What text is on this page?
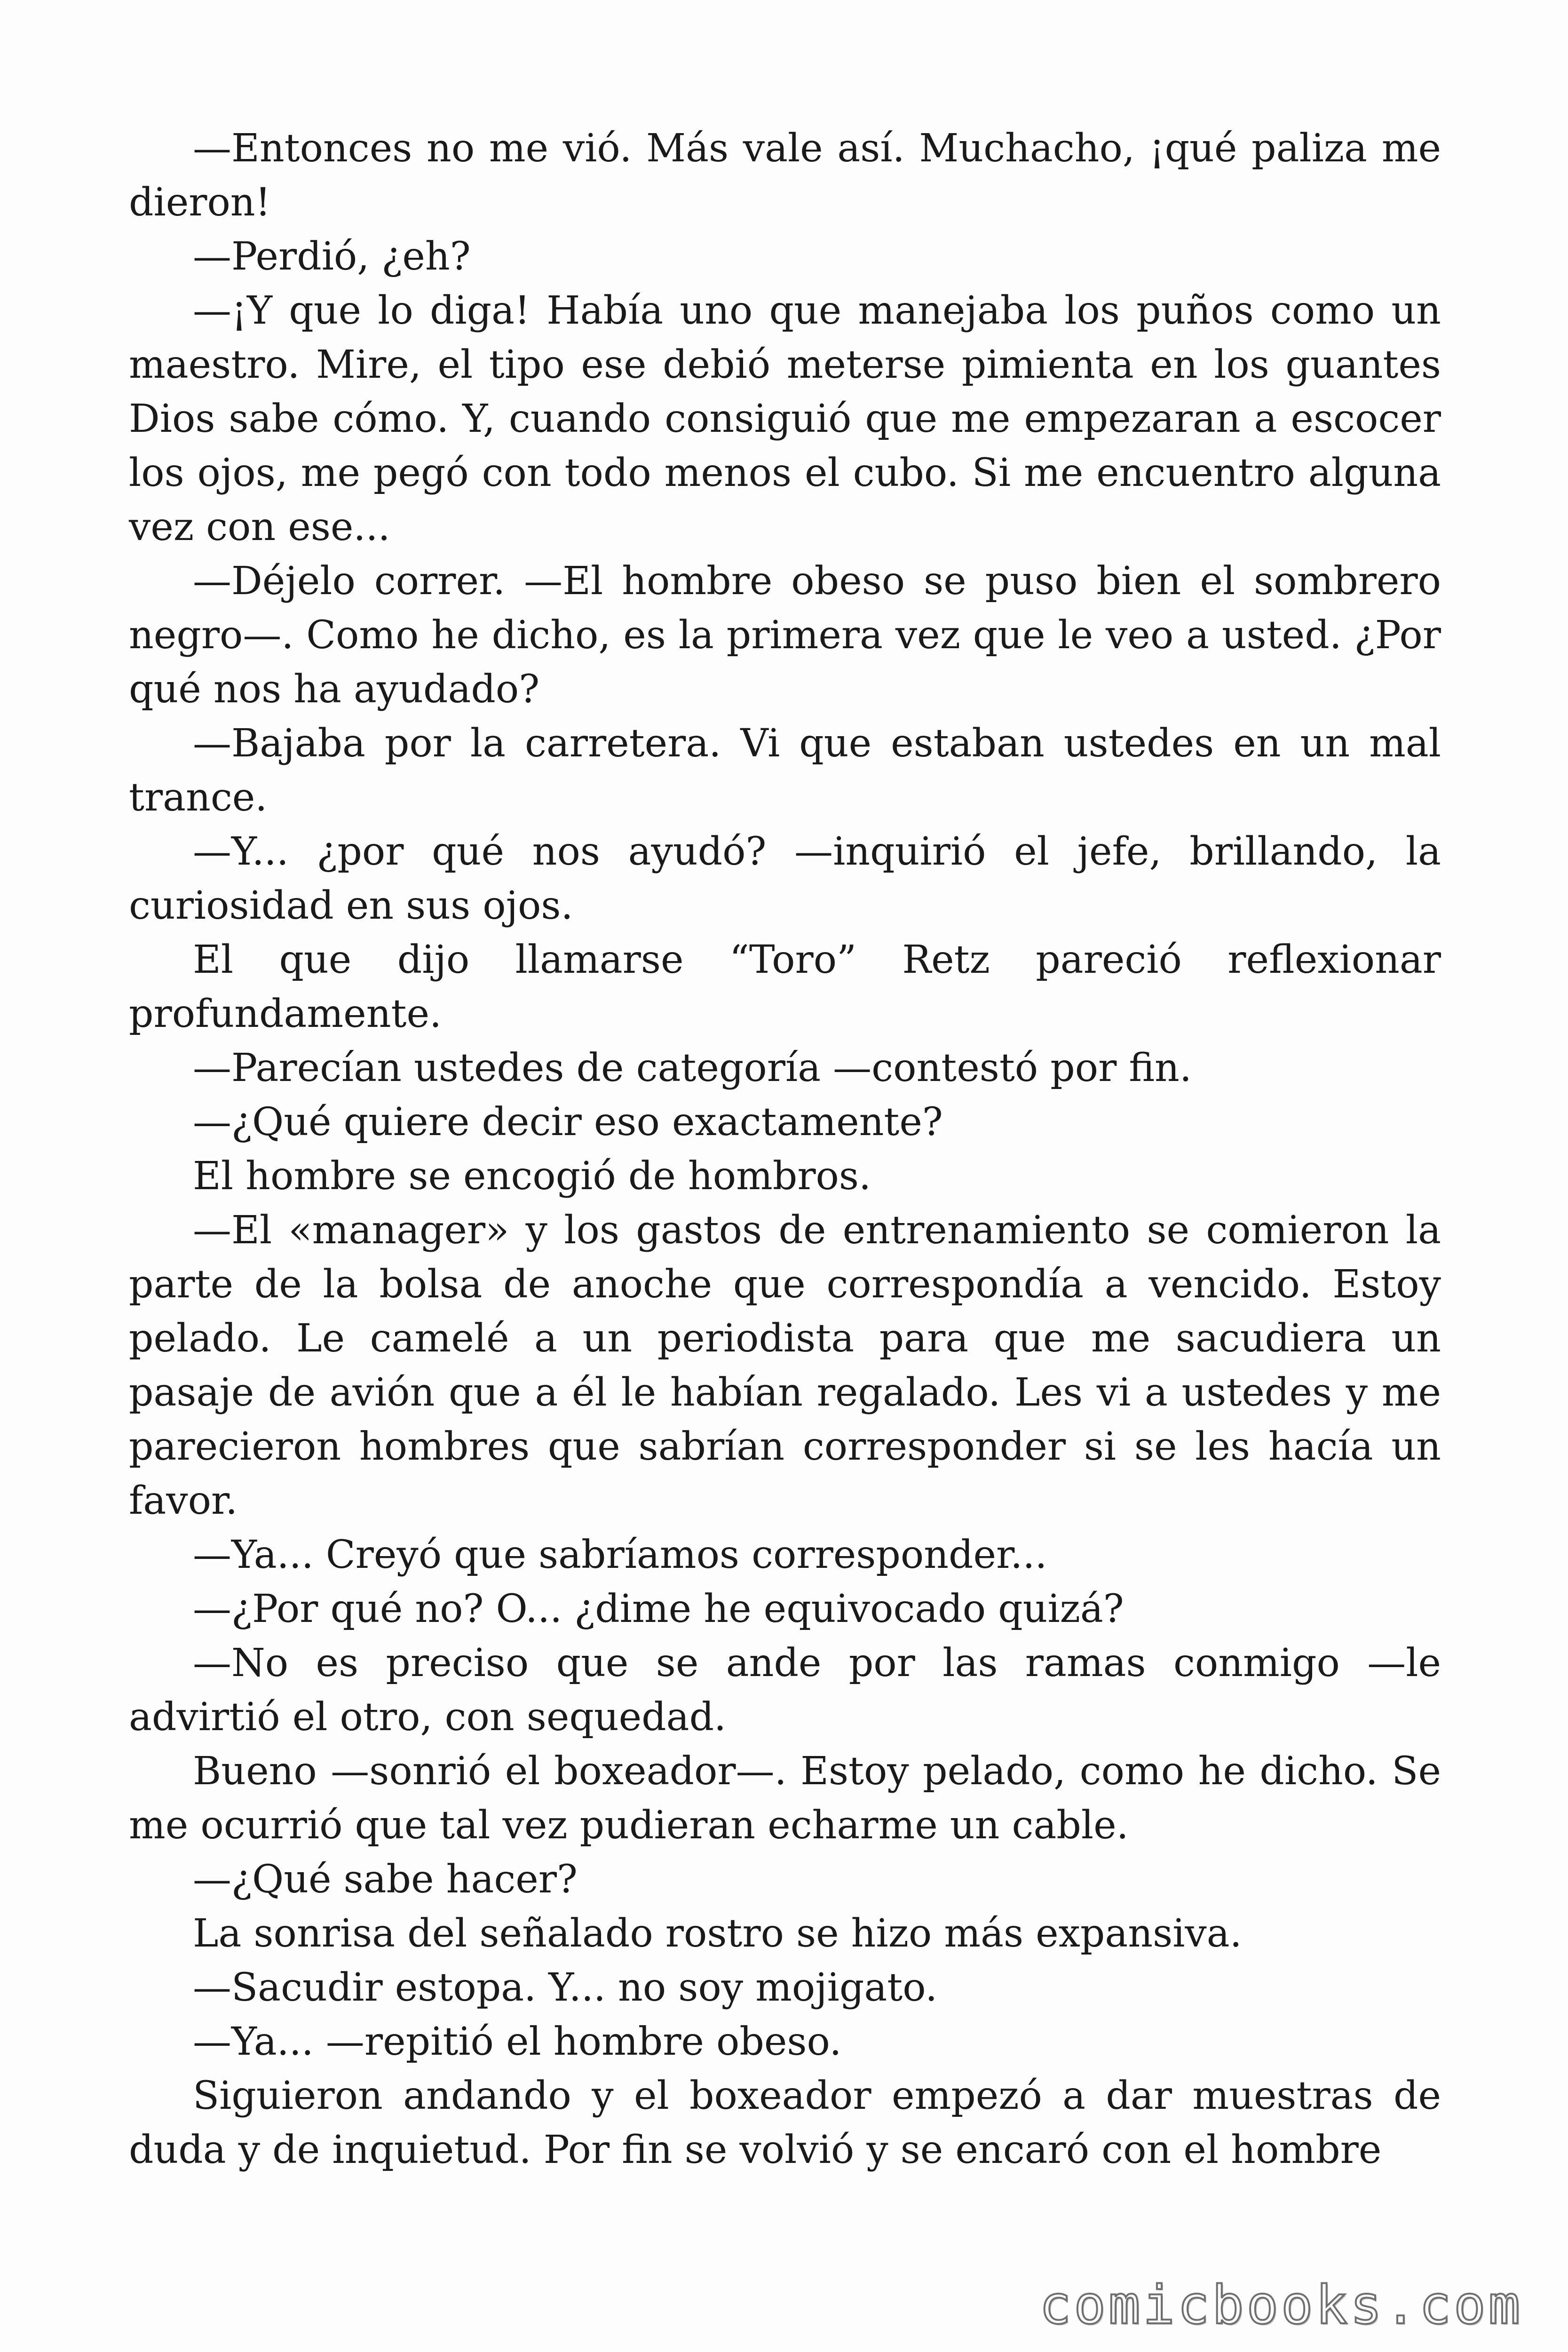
—Entonces no me vió. Más vale así. Muchacho, ¡qué paliza me dieron!

—Perdió, ¿eh?

—¡Y que lo diga! Había uno que manejaba los puños como un maestro. Mire, el tipo ese debió meterse pimienta en los guantes Dios sabe cómo. Y, cuando consiguió que me empezaran a escocer los ojos, me pegó con todo menos el cubo. Si me encuentro alguna vez con ese...

—Déjelo correr. —El hombre obeso se puso bien el sombrero negro—. Como he dicho, es la primera vez que le veo a usted. ¿Por qué nos ha ayudado?

—Bajaba por la carretera. Vi que estaban ustedes en un mal trance.

—Y... ¿por qué nos ayudó? —inquirió el jefe, brillando, la curiosidad en sus ojos.

El que dijo llamarse “Toro” Retz pareció reflexionar profundamente.

—Parecían ustedes de categoría —contestó por fin.

—¿Qué quiere decir eso exactamente?

El hombre se encogió de hombros.

—El «manager» y los gastos de entrenamiento se comieron la parte de la bolsa de anoche que correspondía a vencido. Estoy pelado. Le camelé a un periodista para que me sacudiera un pasaje de avión que a él le habían regalado. Les vi a ustedes y me parecieron hombres que sabrían corresponder si se les hacía un favor.

—Ya... Creyó que sabríamos corresponder...

—¿Por qué no? O... ¿dime he equivocado quizá?

—No es preciso que se ande por las ramas conmigo —le advirtió el otro, con sequedad.

Bueno —sonrió el boxeador—. Estoy pelado, como he dicho. Se me ocurrió que tal vez pudieran echarme un cable.

—¿Qué sabe hacer?

La sonrisa del señalado rostro se hizo más expansiva.

—Sacudir estopa. Y... no soy mojigato.

—Ya... —repitió el hombre obeso.

Siguieron andando y el boxeador empezó a dar muestras de duda y de inquietud. Por fin se volvió y se encaró con el hombre

comicbooks.com
